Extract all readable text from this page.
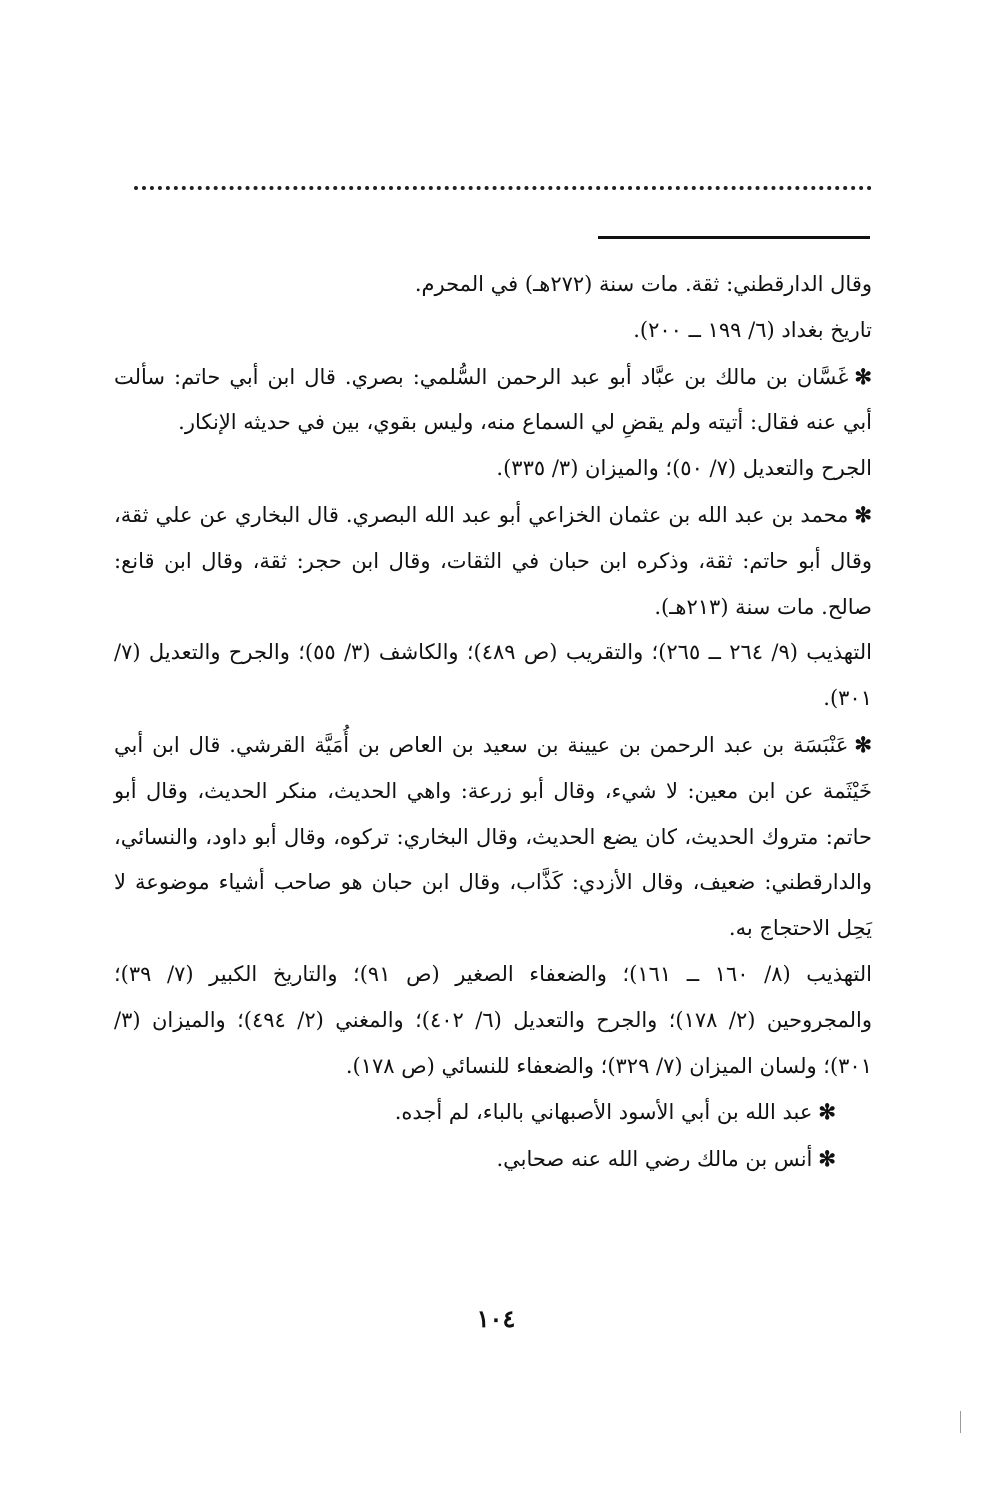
وقال الدارقطني: ثقة. مات سنة (٢٧٢هـ) في المحرم.

تاريخ بغداد (٦/ ١٩٩ ــ ٢٠٠).

✻غَسَّان بن مالك بن عبَّاد أبو عبد الرحمن السُّلمي: بصري. قال ابن أبي حاتم: سألت أبي عنه فقال: أتيته ولم يقضِ لي السماع منه، وليس بقوي، بين في حديثه الإنكار.

الجرح والتعديل (٧/ ٥٠)؛ والميزان (٣/ ٣٣٥).

✻محمد بن عبد الله بن عثمان الخزاعي أبو عبد الله البصري. قال البخاري عن علي ثقة، وقال أبو حاتم: ثقة، وذكره ابن حبان في الثقات، وقال ابن حجر: ثقة، وقال ابن قانع: صالح. مات سنة (٢١٣هـ).

التهذيب (٩/ ٢٦٤ ــ ٢٦٥)؛ والتقريب (ص ٤٨٩)؛ والكاشف (٣/ ٥٥)؛ والجرح والتعديل (٧/ ٣٠١).

✻عَنْبَسَة بن عبد الرحمن بن عيينة بن سعيد بن العاص بن أُمَيَّة القرشي. قال ابن أبي خَيْثَمة عن ابن معين: لا شيء، وقال أبو زرعة: واهي الحديث، منكر الحديث، وقال أبو حاتم: متروك الحديث، كان يضع الحديث، وقال البخاري: تركوه، وقال أبو داود، والنسائي، والدارقطني: ضعيف، وقال الأزدي: كَذَّاب، وقال ابن حبان هو صاحب أشياء موضوعة لا يَحِل الاحتجاج به.

التهذيب (٨/ ١٦٠ ــ ١٦١)؛ والضعفاء الصغير (ص ٩١)؛ والتاريخ الكبير (٧/ ٣٩)؛ والمجروحين (٢/ ١٧٨)؛ والجرح والتعديل (٦/ ٤٠٢)؛ والمغني (٢/ ٤٩٤)؛ والميزان (٣/ ٣٠١)؛ ولسان الميزان (٧/ ٣٢٩)؛ والضعفاء للنسائي (ص ١٧٨).

✻عبد الله بن أبي الأسود الأصبهاني بالباء، لم أجده.

✻أنس بن مالك رضي الله عنه صحابي.

١٠٤
